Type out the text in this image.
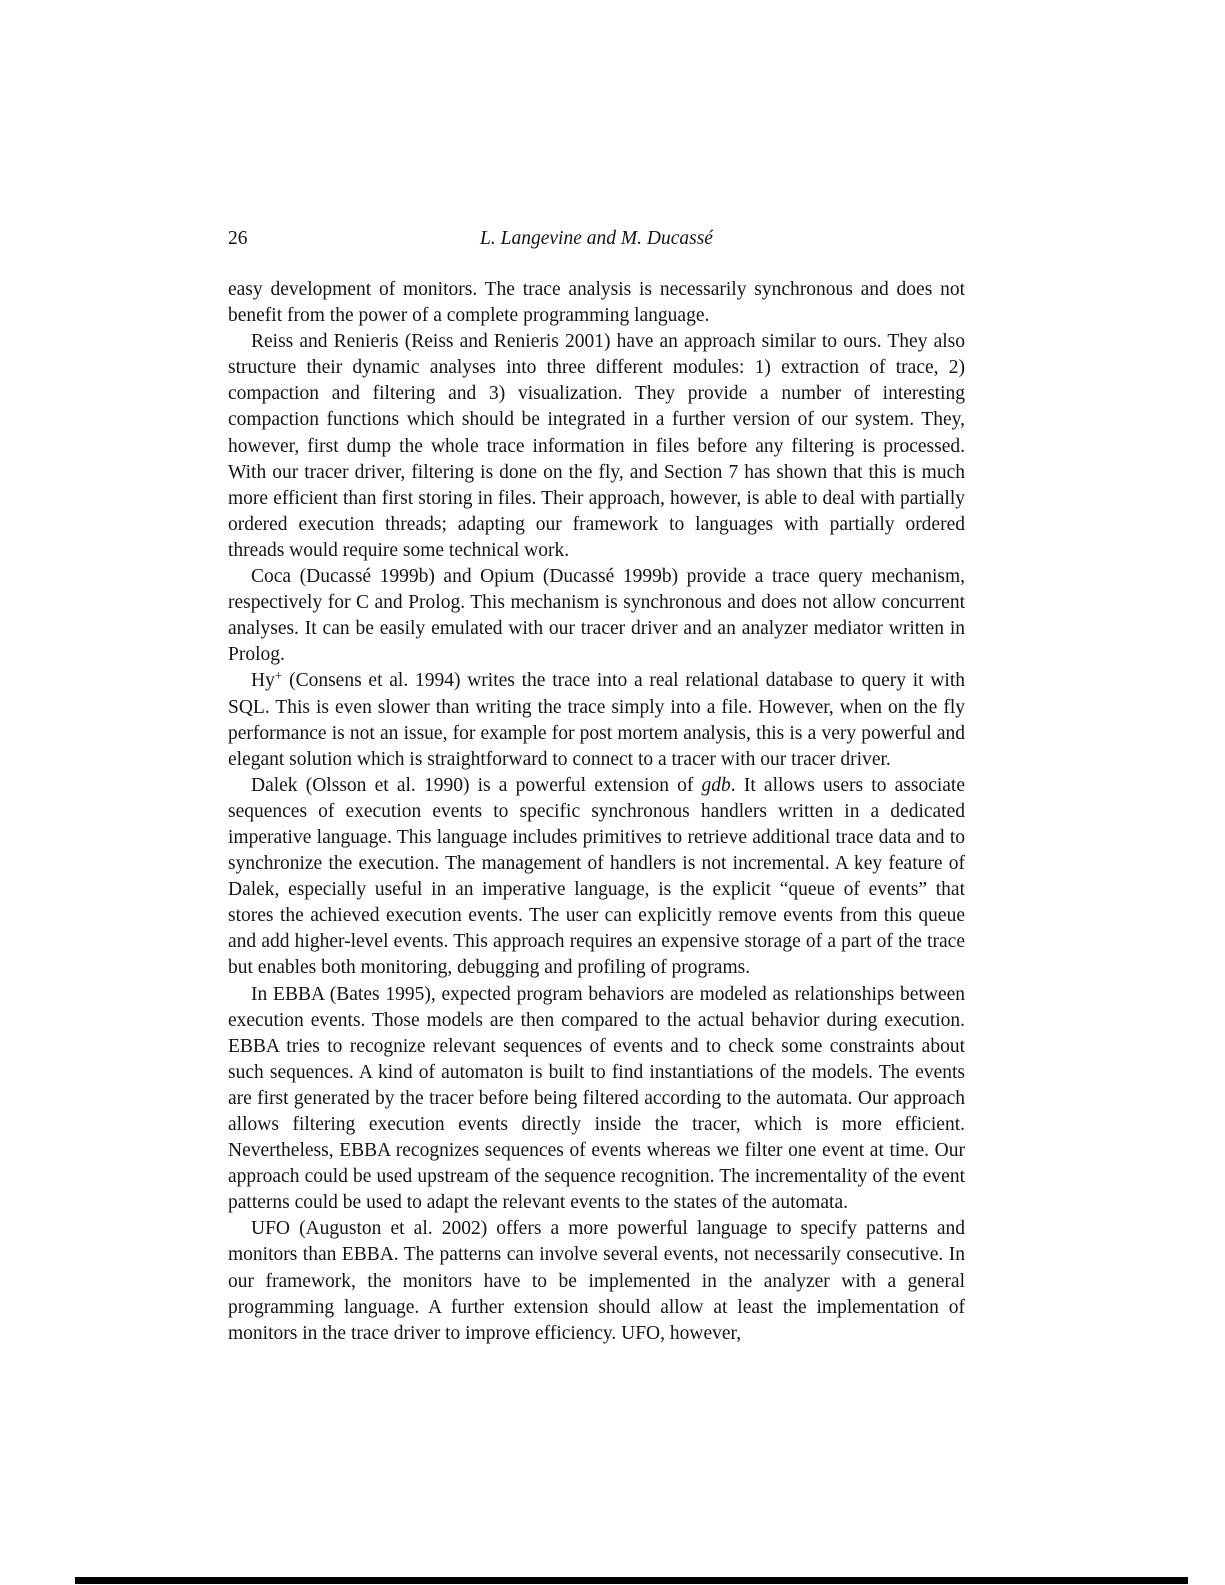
26	L. Langevine and M. Ducassé

easy development of monitors. The trace analysis is necessarily synchronous and does not benefit from the power of a complete programming language.

Reiss and Renieris (Reiss and Renieris 2001) have an approach similar to ours. They also structure their dynamic analyses into three different modules: 1) extraction of trace, 2) compaction and filtering and 3) visualization. They provide a number of interesting compaction functions which should be integrated in a further version of our system. They, however, first dump the whole trace information in files before any filtering is processed. With our tracer driver, filtering is done on the fly, and Section 7 has shown that this is much more efficient than first storing in files. Their approach, however, is able to deal with partially ordered execution threads; adapting our framework to languages with partially ordered threads would require some technical work.

Coca (Ducassé 1999b) and Opium (Ducassé 1999b) provide a trace query mechanism, respectively for C and Prolog. This mechanism is synchronous and does not allow concurrent analyses. It can be easily emulated with our tracer driver and an analyzer mediator written in Prolog.

Hy+ (Consens et al. 1994) writes the trace into a real relational database to query it with SQL. This is even slower than writing the trace simply into a file. However, when on the fly performance is not an issue, for example for post mortem analysis, this is a very powerful and elegant solution which is straightforward to connect to a tracer with our tracer driver.

Dalek (Olsson et al. 1990) is a powerful extension of gdb. It allows users to associate sequences of execution events to specific synchronous handlers written in a dedicated imperative language. This language includes primitives to retrieve additional trace data and to synchronize the execution. The management of handlers is not incremental. A key feature of Dalek, especially useful in an imperative language, is the explicit “queue of events” that stores the achieved execution events. The user can explicitly remove events from this queue and add higher-level events. This approach requires an expensive storage of a part of the trace but enables both monitoring, debugging and profiling of programs.

In EBBA (Bates 1995), expected program behaviors are modeled as relationships between execution events. Those models are then compared to the actual behavior during execution. EBBA tries to recognize relevant sequences of events and to check some constraints about such sequences. A kind of automaton is built to find instantiations of the models. The events are first generated by the tracer before being filtered according to the automata. Our approach allows filtering execution events directly inside the tracer, which is more efficient. Nevertheless, EBBA recognizes sequences of events whereas we filter one event at time. Our approach could be used upstream of the sequence recognition. The incrementality of the event patterns could be used to adapt the relevant events to the states of the automata.

UFO (Auguston et al. 2002) offers a more powerful language to specify patterns and monitors than EBBA. The patterns can involve several events, not necessarily consecutive. In our framework, the monitors have to be implemented in the analyzer with a general programming language. A further extension should allow at least the implementation of monitors in the trace driver to improve efficiency. UFO, however,
